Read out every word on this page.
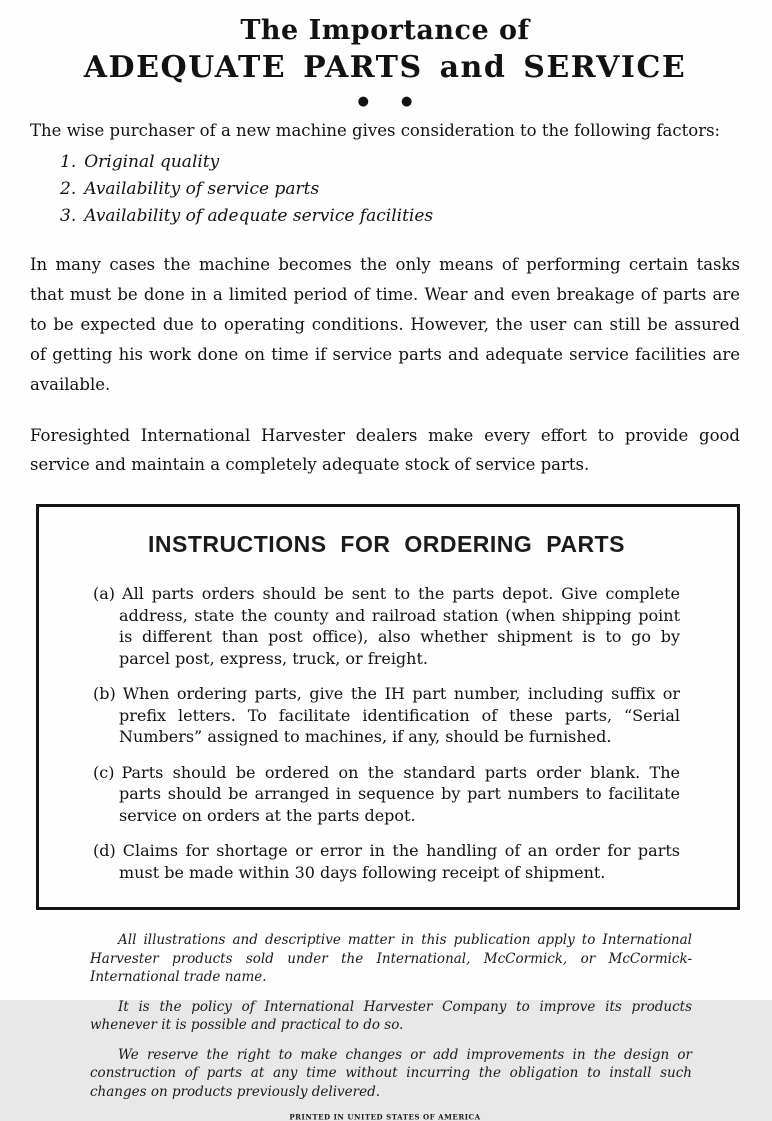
The Importance of
ADEQUATE PARTS and SERVICE
● ●

The wise purchaser of a new machine gives consideration to the following factors:

1. Original quality
2. Availability of service parts
3. Availability of adequate service facilities

In many cases the machine becomes the only means of performing certain tasks that must be done in a limited period of time. Wear and even breakage of parts are to be expected due to operating conditions. However, the user can still be assured of getting his work done on time if service parts and adequate service facilities are available.

Foresighted International Harvester dealers make every effort to provide good service and maintain a completely adequate stock of service parts.

INSTRUCTIONS FOR ORDERING PARTS

(a) All parts orders should be sent to the parts depot. Give complete address, state the county and railroad station (when shipping point is different than post office), also whether shipment is to go by parcel post, express, truck, or freight.

(b) When ordering parts, give the IH part number, including suffix or prefix letters. To facilitate identification of these parts, “Serial Numbers” assigned to machines, if any, should be furnished.

(c) Parts should be ordered on the standard parts order blank. The parts should be arranged in sequence by part numbers to facilitate service on orders at the parts depot.

(d) Claims for shortage or error in the handling of an order for parts must be made within 30 days following receipt of shipment.

All illustrations and descriptive matter in this publication apply to International Harvester products sold under the International, McCormick, or McCormick-International trade name.

It is the policy of International Harvester Company to improve its products whenever it is possible and practical to do so.

We reserve the right to make changes or add improvements in the design or construction of parts at any time without incurring the obligation to install such changes on products previously delivered.

PRINTED IN UNITED STATES OF AMERICA
